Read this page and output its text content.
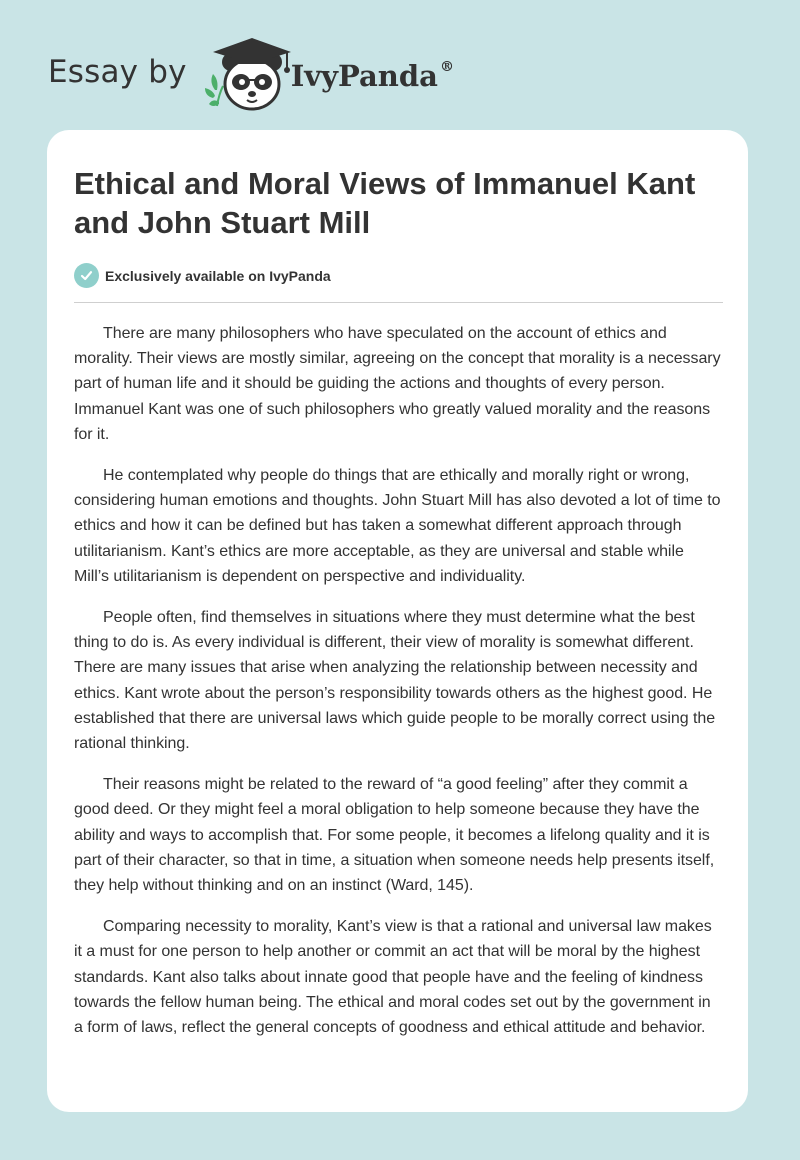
Essay by	IvyPanda ®
Ethical and Moral Views of Immanuel Kant and John Stuart Mill
Exclusively available on IvyPanda

There are many philosophers who have speculated on the account of ethics and morality. Their views are mostly similar, agreeing on the concept that morality is a necessary part of human life and it should be guiding the actions and thoughts of every person. Immanuel Kant was one of such philosophers who greatly valued morality and the reasons for it.

He contemplated why people do things that are ethically and morally right or wrong, considering human emotions and thoughts. John Stuart Mill has also devoted a lot of time to ethics and how it can be defined but has taken a somewhat different approach through utilitarianism. Kant’s ethics are more acceptable, as they are universal and stable while Mill’s utilitarianism is dependent on perspective and individuality.

People often, find themselves in situations where they must determine what the best thing to do is. As every individual is different, their view of morality is somewhat different. There are many issues that arise when analyzing the relationship between necessity and ethics. Kant wrote about the person’s responsibility towards others as the highest good. He established that there are universal laws which guide people to be morally correct using the rational thinking.

Their reasons might be related to the reward of “a good feeling” after they commit a good deed. Or they might feel a moral obligation to help someone because they have the ability and ways to accomplish that. For some people, it becomes a lifelong quality and it is part of their character, so that in time, a situation when someone needs help presents itself, they help without thinking and on an instinct (Ward, 145).

Comparing necessity to morality, Kant’s view is that a rational and universal law makes it a must for one person to help another or commit an act that will be moral by the highest standards. Kant also talks about innate good that people have and the feeling of kindness towards the fellow human being. The ethical and moral codes set out by the government in a form of laws, reflect the general concepts of goodness and ethical attitude and behavior.
